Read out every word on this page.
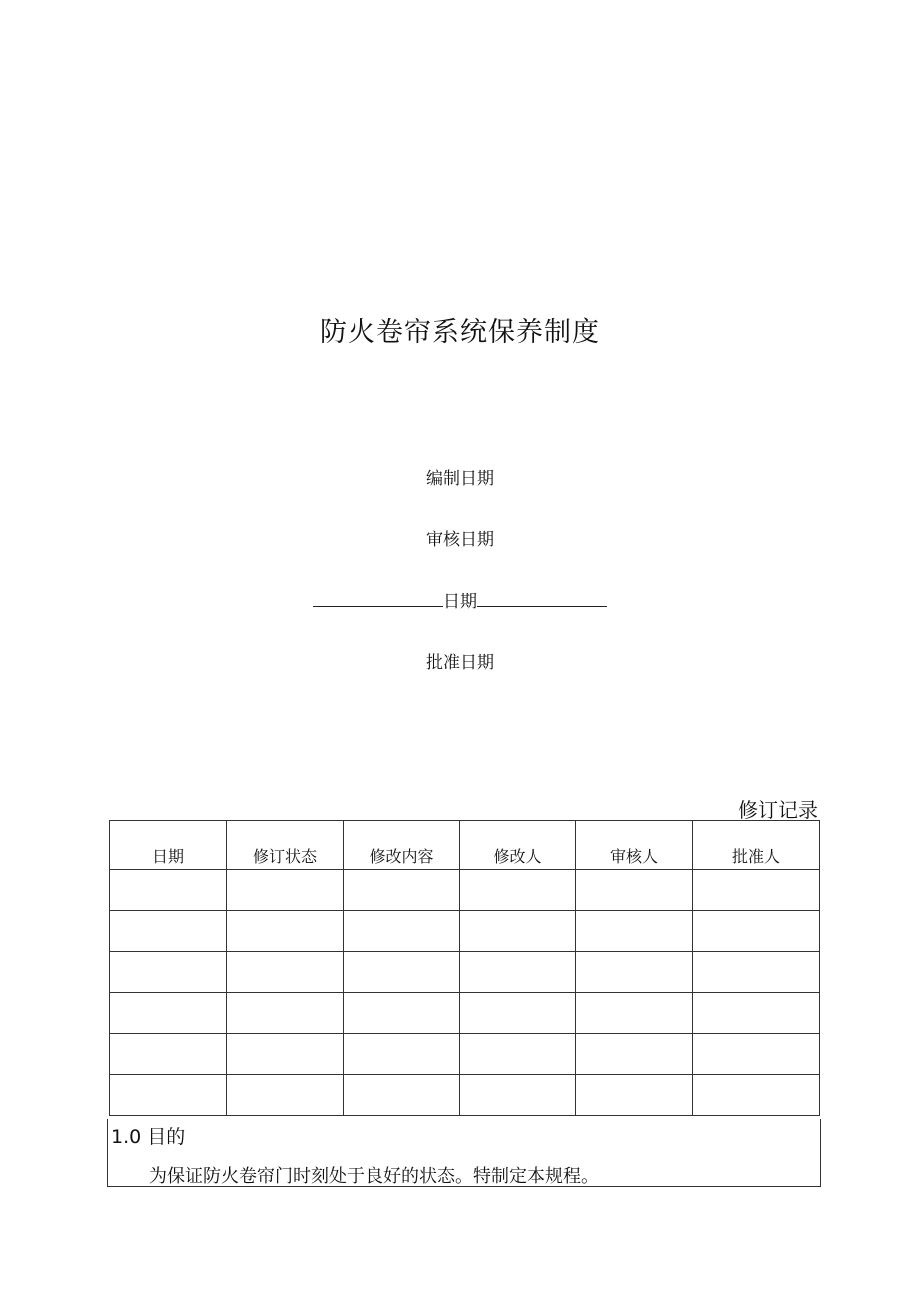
防火卷帘系统保养制度
编制日期
审核日期
日期
批准日期
修订记录
日期	修订状态	修改内容	修改人	审核人	批准人

1.0 目的
为保证防火卷帘门时刻处于良好的状态。特制定本规程。
